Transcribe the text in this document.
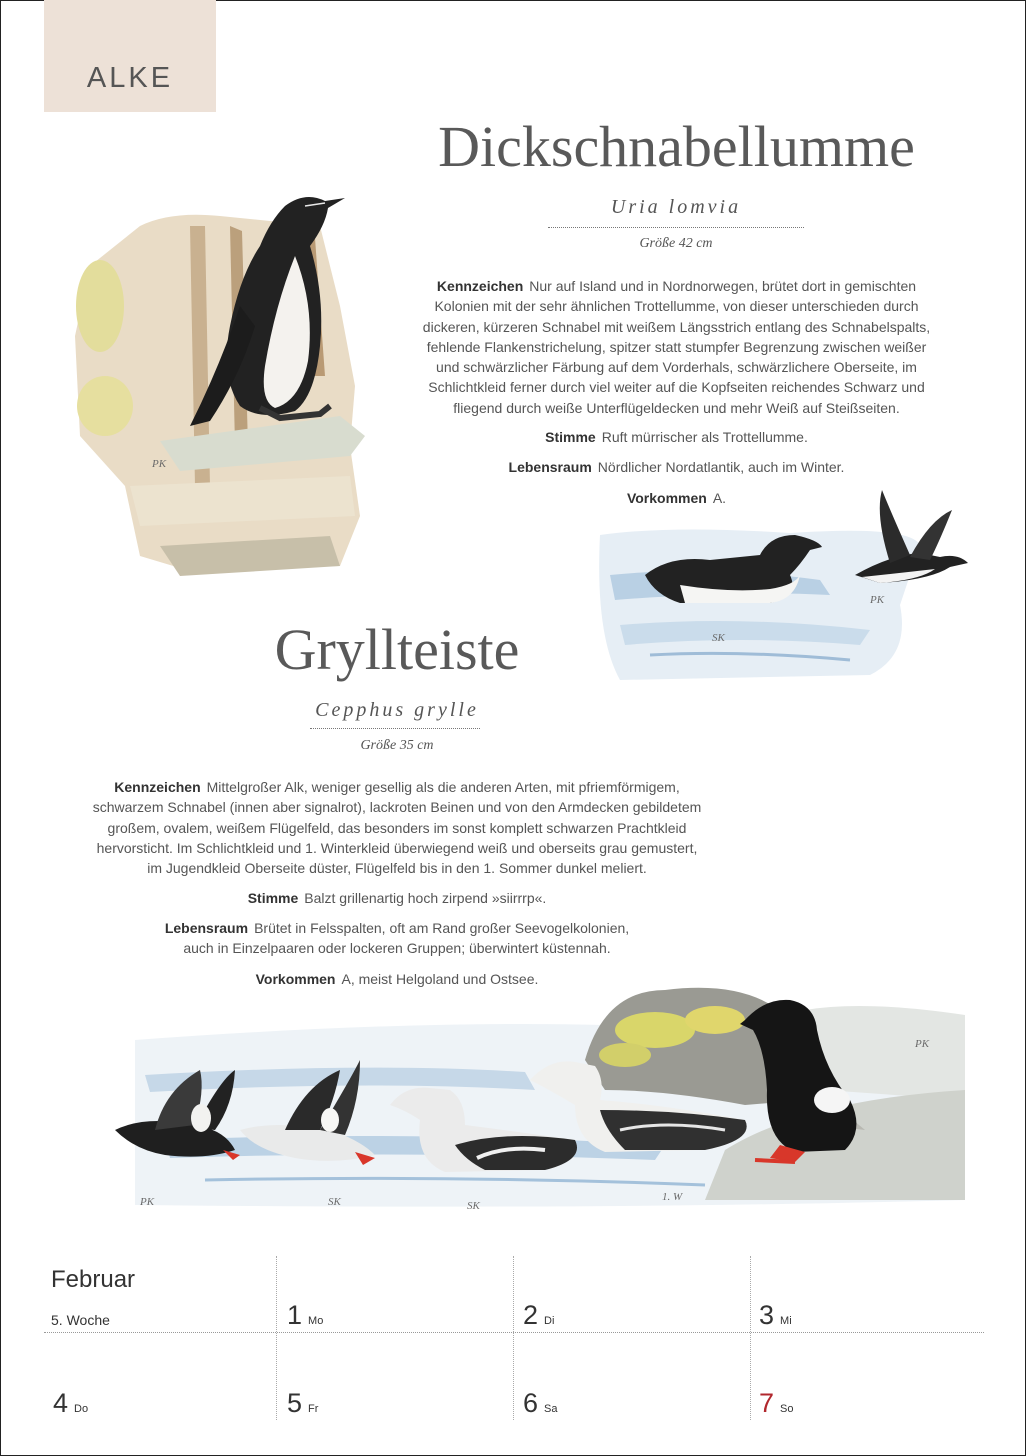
ALKE
Dickschnabellumme
Uria lomvia
Größe 42 cm
Kennzeichen Nur auf Island und in Nordnorwegen, brütet dort in gemischten
Kolonien mit der sehr ähnlichen Trottellumme, von dieser unterschieden durch
dickeren, kürzeren Schnabel mit weißem Längsstrich entlang des Schnabelspalts,
fehlende Flankenstrichelung, spitzer statt stumpfer Begrenzung zwischen weißer
und schwärzlicher Färbung auf dem Vorderhals, schwärzlichere Oberseite, im
Schlichtkleid ferner durch viel weiter auf die Kopfseiten reichendes Schwarz und
fliegend durch weiße Unterflügeldecken und mehr Weiß auf Steißseiten.
Stimme Ruft mürrischer als Trottellumme.
Lebensraum Nördlicher Nordatlantik, auch im Winter.
Vorkommen A.
PK
SK
PK
Gryllteiste
Cepphus grylle
Größe 35 cm
Kennzeichen Mittelgroßer Alk, weniger gesellig als die anderen Arten, mit pfriemförmigem,
schwarzem Schnabel (innen aber signalrot), lackroten Beinen und von den Armdecken gebildetem
großem, ovalem, weißem Flügelfeld, das besonders im sonst komplett schwarzen Prachtkleid
hervorsticht. Im Schlichtkleid und 1. Winterkleid überwiegend weiß und oberseits grau gemustert,
im Jugendkleid Oberseite düster, Flügelfeld bis in den 1. Sommer dunkel meliert.
Stimme Balzt grillenartig hoch zirpend »siirrrp«.
Lebensraum Brütet in Felsspalten, oft am Rand großer Seevogelkolonien,
auch in Einzelpaaren oder lockeren Gruppen; überwintert küstennah.
Vorkommen A, meist Helgoland und Ostsee.
PK	SK	SK
1. W
PK
Februar
5. Woche	1 Mo	2 Di	3 Mi
4 Do	5 Fr	6 Sa	7 So
